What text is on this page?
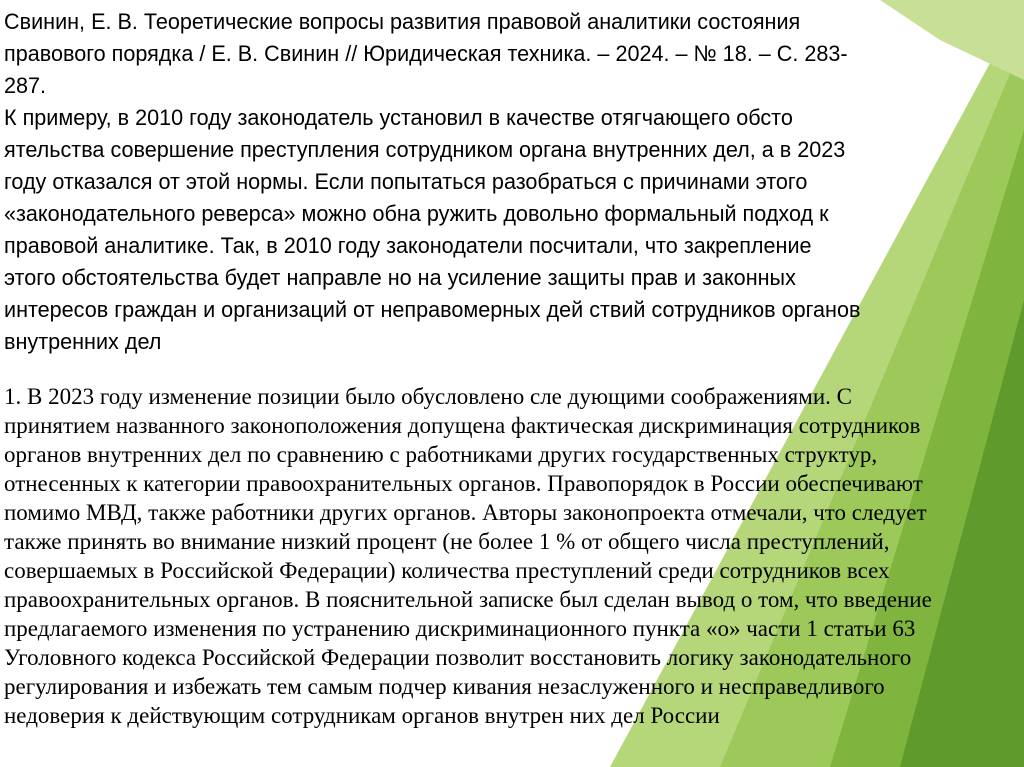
Свинин, Е. В. Теоретические вопросы развития правовой аналитики состояния
правового порядка / Е. В. Свинин // Юридическая техника. – 2024. – № 18. – С. 283-
287.
К примеру, в 2010 году законодатель установил в качестве отягчающего обсто
ятельства совершение преступления сотрудником органа внутренних дел, а в 2023
году отказался от этой нормы. Если попытаться разобраться с причинами этого
«законодательного реверса» можно обна ружить довольно формальный подход к
правовой аналитике. Так, в 2010 году законодатели посчитали, что закрепление
этого обстоятельства будет направле но на усиление защиты прав и законных
интересов граждан и организаций от неправомерных дей ствий сотрудников органов
внутренних дел
1. В 2023 году изменение позиции было обусловлено сле дующими соображениями. С
принятием названного законоположения допущена фактическая дискриминация сотрудников
органов внутренних дел по сравнению с работниками других государственных структур,
отнесенных к категории правоохранительных органов. Правопорядок в России обеспечивают
помимо МВД, также работники других органов. Авторы законопроекта отмечали, что следует
также принять во внимание низкий процент (не более 1 % от общего числа преступлений,
совершаемых в Российской Федерации) количества преступлений среди сотрудников всех
правоохранительных органов. В пояснительной записке был сделан вывод о том, что введение
предлагаемого изменения по устранению дискриминационного пункта «о» части 1 статьи 63
Уголовного кодекса Российской Федерации позволит восстановить логику законодательного
регулирования и избежать тем самым подчер кивания незаслуженного и несправедливого
недоверия к действующим сотрудникам органов внутрен них дел России
